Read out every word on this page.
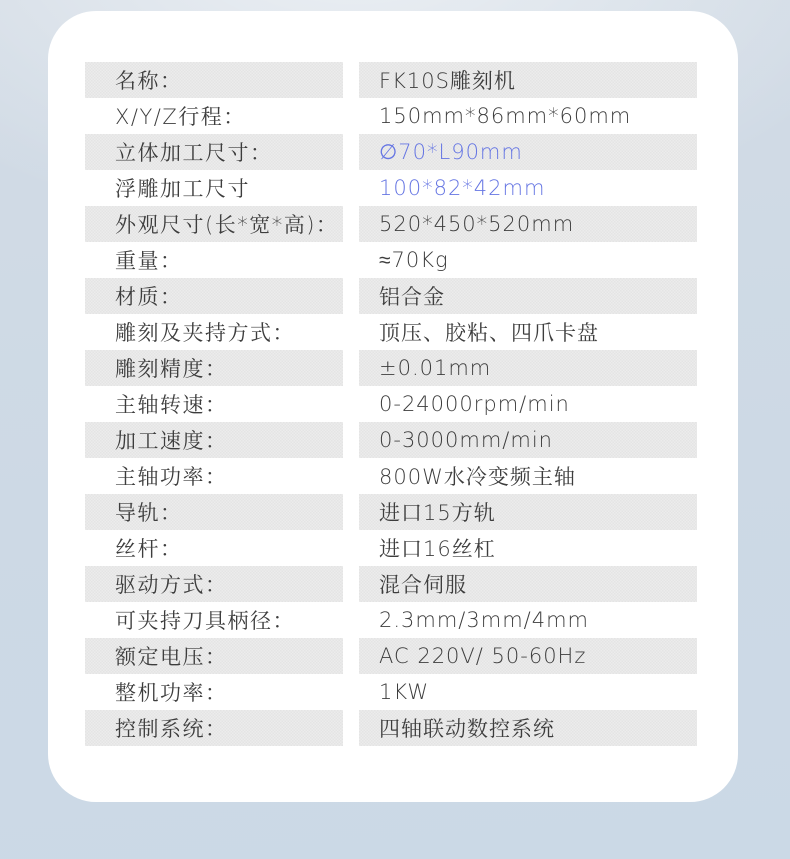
名称：	FK10S雕刻机
X/Y/Z行程：	150mm*86mm*60mm
立体加工尺寸：	∅70*L90mm
浮雕加工尺寸	100*82*42mm
外观尺寸(长*宽*高)：	520*450*520mm
重量：	≈70Kg
材质：	铝合金
雕刻及夹持方式：	顶压、胶粘、四爪卡盘
雕刻精度：	±0.01mm
主轴转速：	0-24000rpm/min
加工速度：	0-3000mm/min
主轴功率：	800W水冷变频主轴
导轨：	进口15方轨
丝杆：	进口16丝杠
驱动方式：	混合伺服
可夹持刀具柄径：	2.3mm/3mm/4mm
额定电压：	AC 220V/ 50-60Hz
整机功率：	1KW
控制系统：	四轴联动数控系统
